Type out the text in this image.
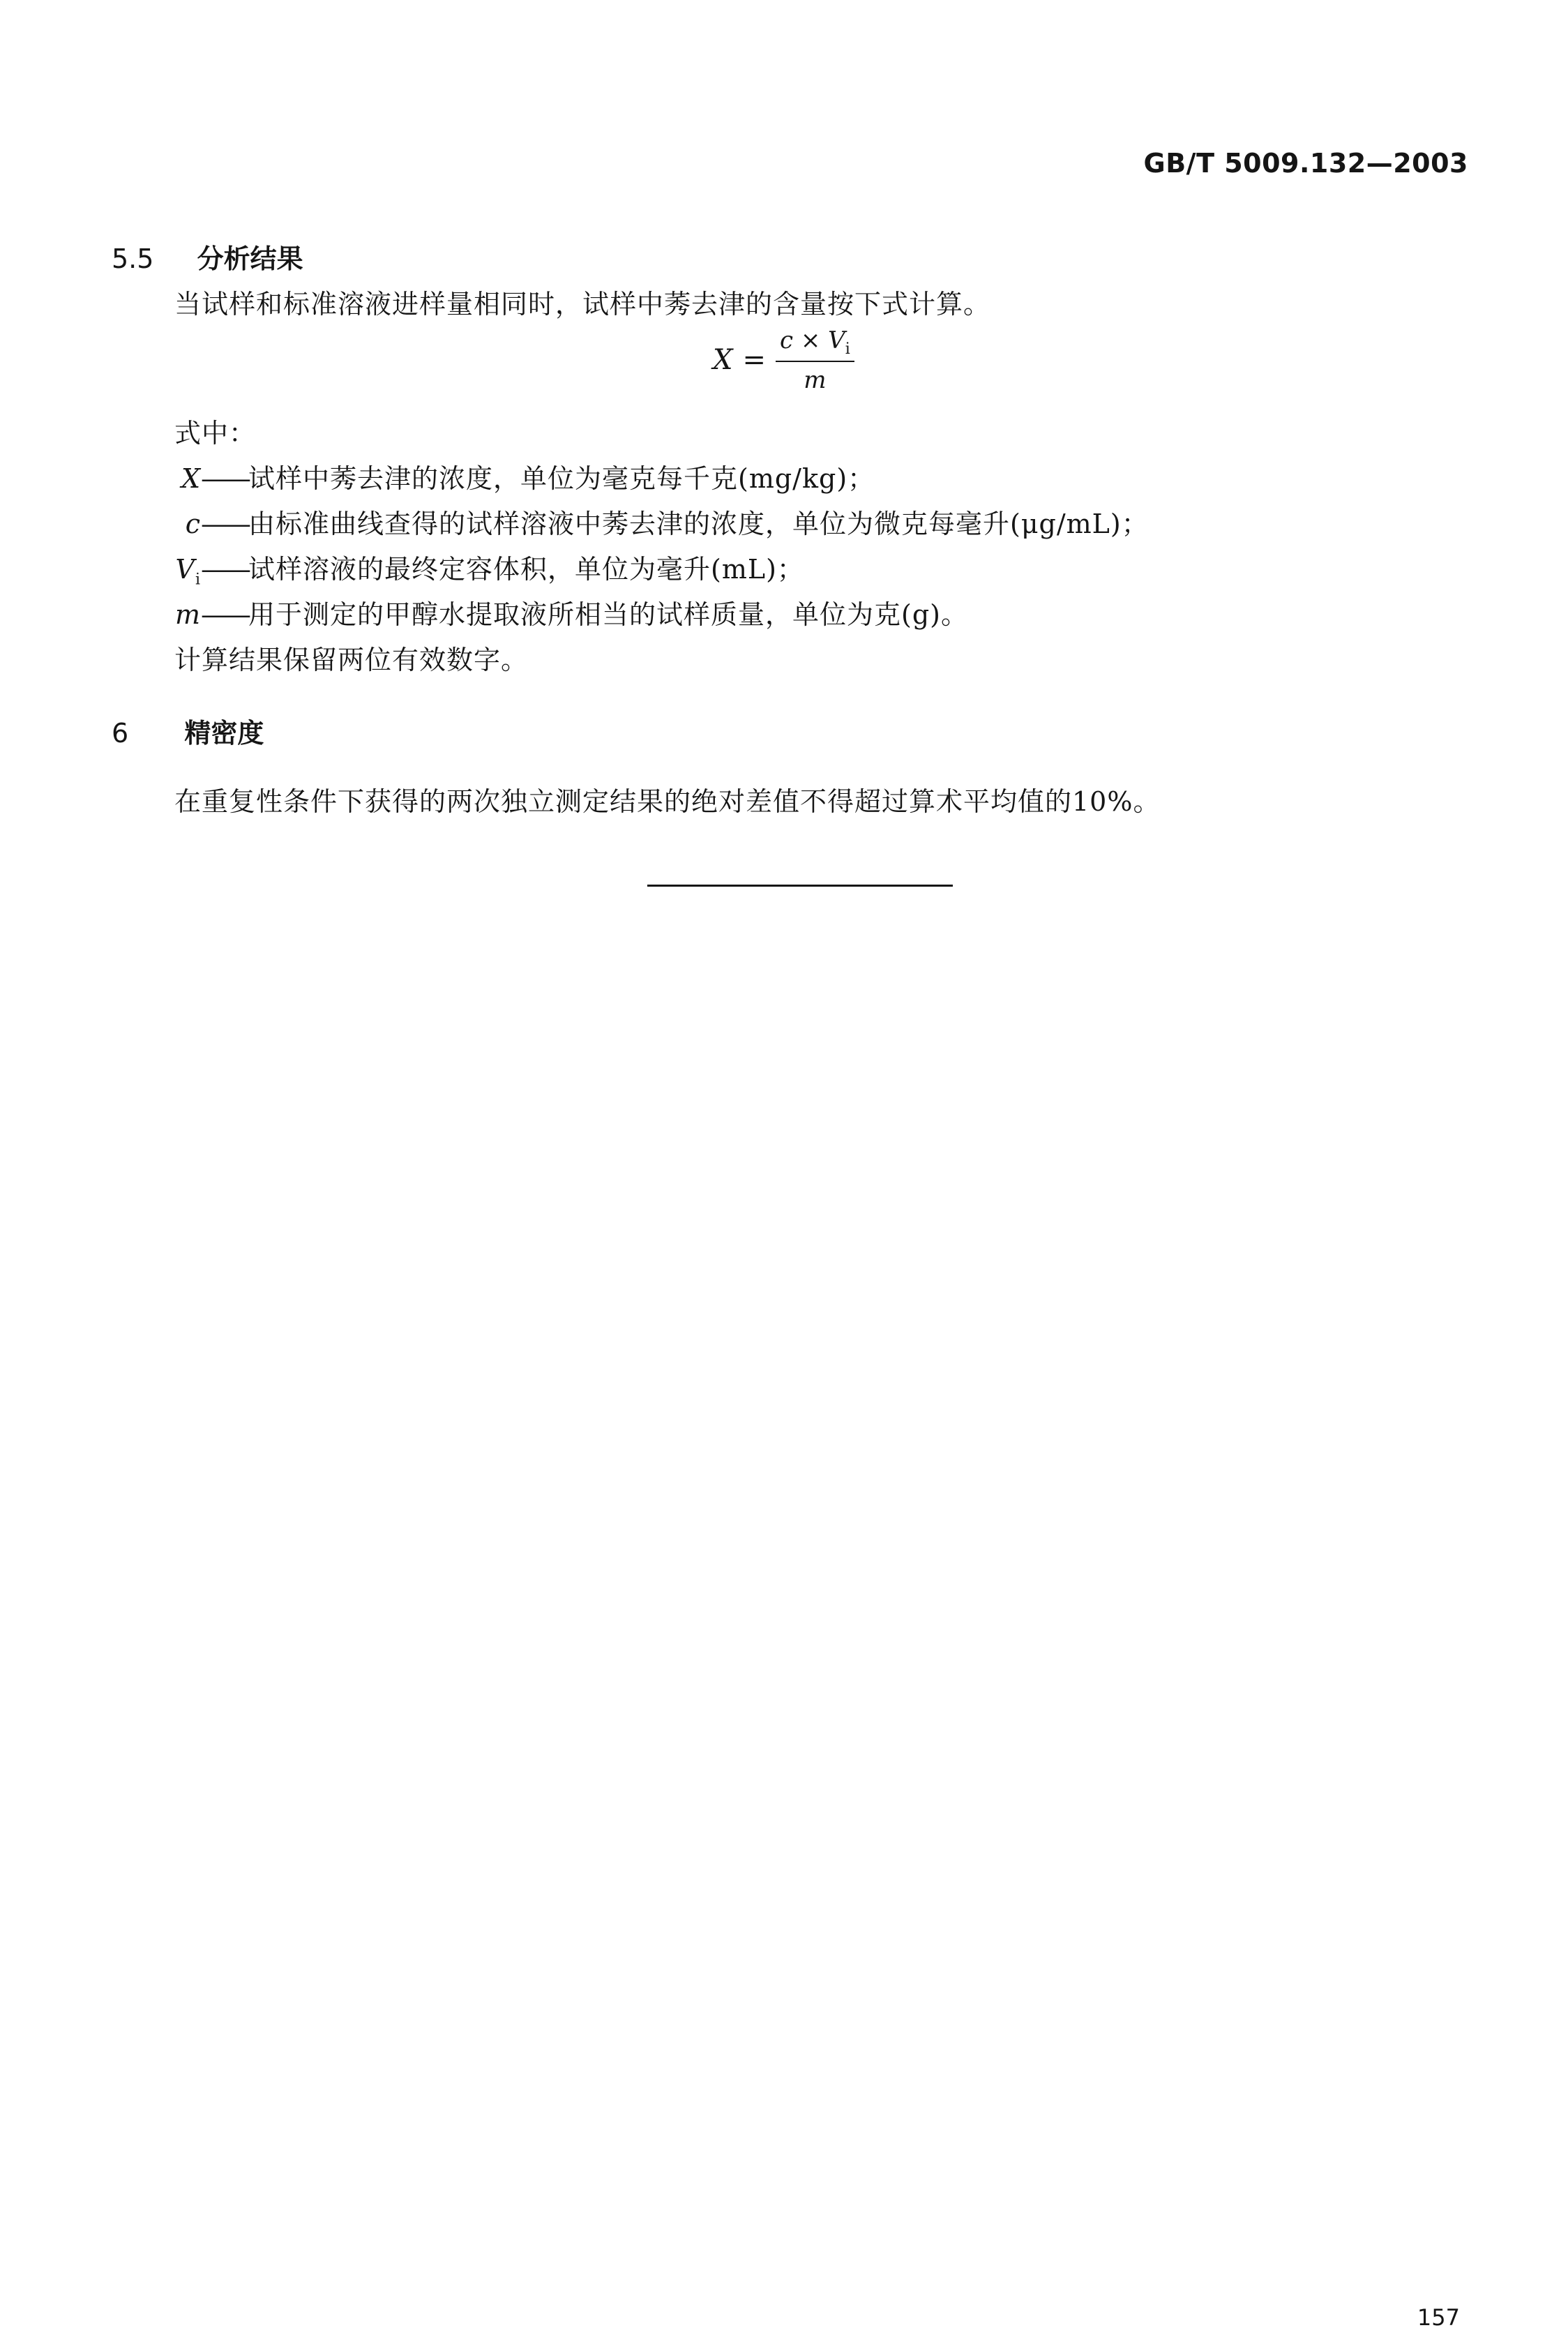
GB/T 5009.132—2003
5.5 分析结果
当试样和标准溶液进样量相同时，试样中莠去津的含量按下式计算。
$X = \frac{c \times V_i}{m}$
式中：
X——试样中莠去津的浓度，单位为毫克每千克(mg/kg)；
c——由标准曲线查得的试样溶液中莠去津的浓度，单位为微克每毫升(μg/mL)；
$V_i——$试样溶液的最终定容体积，单位为毫升(mL)；
m——用于测定的甲醇水提取液所相当的试样质量，单位为克(g)。
计算结果保留两位有效数字。
6 精密度
在重复性条件下获得的两次独立测定结果的绝对差值不得超过算术平均值的10%。
157
